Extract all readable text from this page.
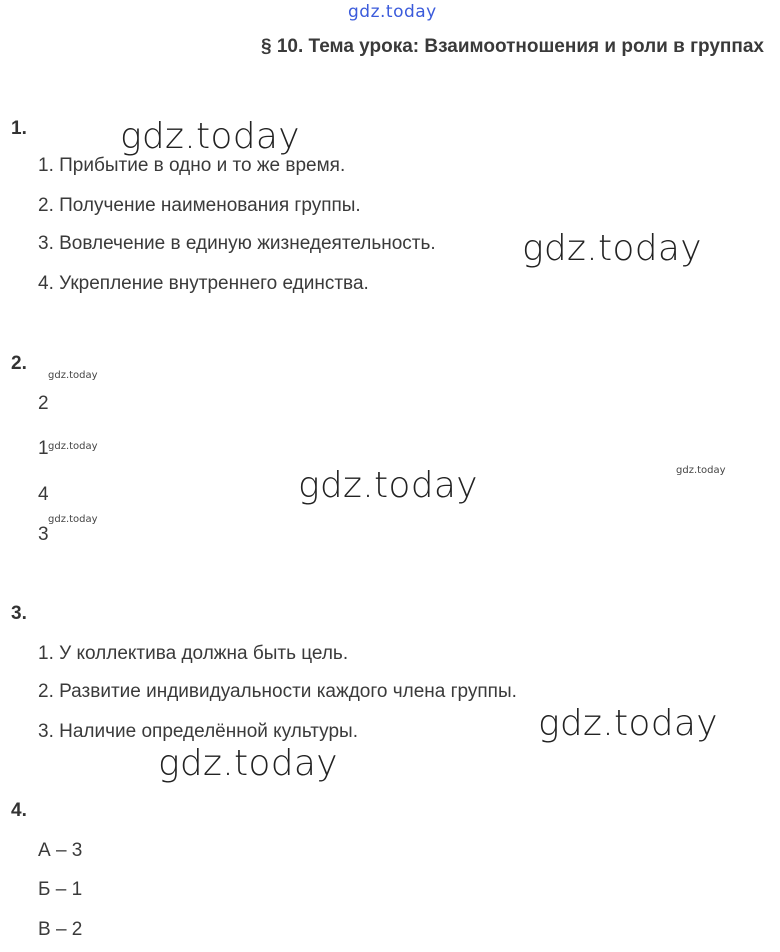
gdz.today
§ 10. Тема урока: Взаимоотношения и роли в группах
1.	gdz.today
1. Прибытие в одно и то же время.
2. Получение наименования группы.
3. Вовлечение в единую жизнедеятельность. gdz.today
4. Укрепление внутреннего единства.
2.
gdz.today
2
1 gdz.today
gdz.today	gdz.today
4
gdz.today
3
3.
1. У коллектива должна быть цель.
2. Развитие индивидуальности каждого члена группы.
gdz.today
3. Наличие определённой культуры.
gdz.today
4.
А – 3
Б – 1
В – 2
